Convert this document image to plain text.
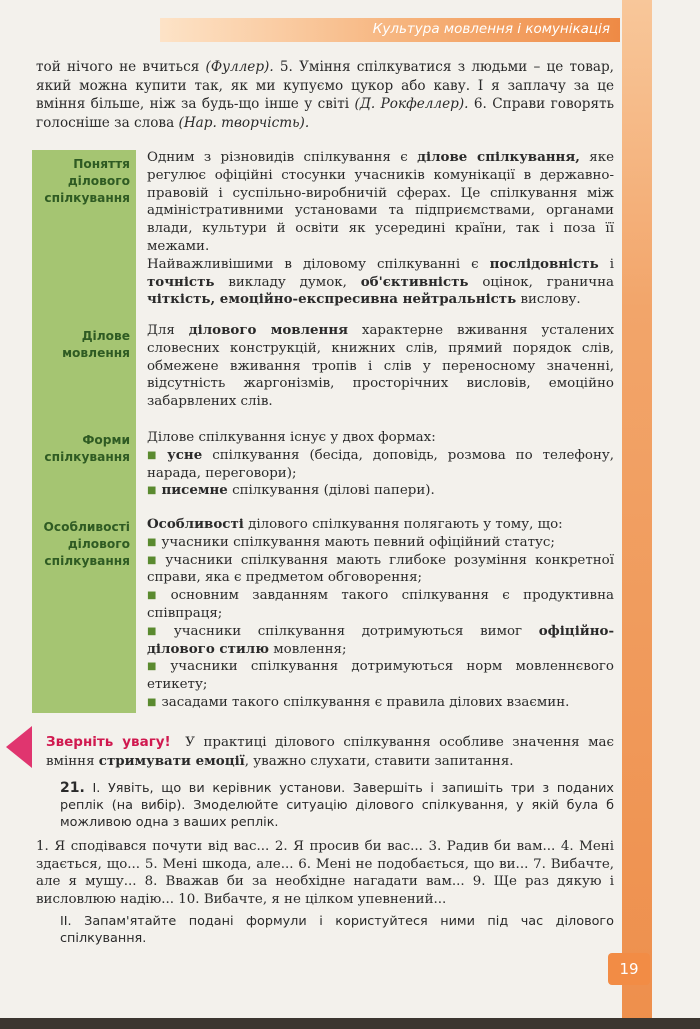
Культура мовлення і комунікація
той нічого не вчиться (Фуллер). 5. Уміння спілкуватися з людьми – це товар, який можна купити так, як ми купуємо цукор або каву. І я заплачу за це вміння більше, ніж за будь-що інше у світі (Д. Рокфеллер). 6. Справи говорять голосніше за слова (Нар. творчість).
Поняття ділового спілкування

Одним з різновидів спілкування є ділове спілкування, яке регулює офіційні стосунки учасників комунікації в державно-правовій і суспільно-виробничій сферах. Це спілкування між адміністративними установами та підприємствами, органами влади, культури й освіти як усередині країни, так і поза її межами.

Найважливішими в діловому спілкуванні є послідовність і точність викладу думок, об'єктивність оцінок, гранична чіткість, емоційно-експресивна нейтральність вислову.

Ділове мовлення

Для ділового мовлення характерне вживання усталених словесних конструкцій, книжних слів, прямий порядок слів, обмежене вживання тропів і слів у переносному значенні, відсутність жаргонізмів, просторічних висловів, емоційно забарвлених слів.

Форми спілкування

Ділове спілкування існує у двох формах:

■ усне спілкування (бесіда, доповідь, розмова по телефону, нарада, переговори);

■ писемне спілкування (ділові папери).

Особливості ділового спілкування

Особливості ділового спілкування полягають у тому, що:

■ учасники спілкування мають певний офіційний статус;

■ учасники спілкування мають глибоке розуміння конкретної справи, яка є предметом обговорення;

■ основним завданням такого спілкування є продуктивна співпраця;

■ учасники спілкування дотримуються вимог офіційно-ділового стилю мовлення;

■ учасники спілкування дотримуються норм мовленнєвого етикету;

■ засадами такого спілкування є правила ділових взаємин.

Зверніть увагу! У практиці ділового спілкування особливе значення має вміння стримувати емоції, уважно слухати, ставити запитання.
21. І. Уявіть, що ви керівник установи. Завершіть і запишіть три з поданих реплік (на вибір). Змоделюйте ситуацію ділового спілкування, у якій була б можливою одна з ваших реплік.
1. Я сподівався почути від вас... 2. Я просив би вас... 3. Радив би вам... 4. Мені здається, що... 5. Мені шкода, але... 6. Мені не подобається, що ви... 7. Вибачте, але я мушу... 8. Вважав би за необхідне нагадати вам... 9. Ще раз дякую і висловлюю надію... 10. Вибачте, я не цілком упевнений...
ІІ. Запам'ятайте подані формули і користуйтеся ними під час ділового спілкування.
19
